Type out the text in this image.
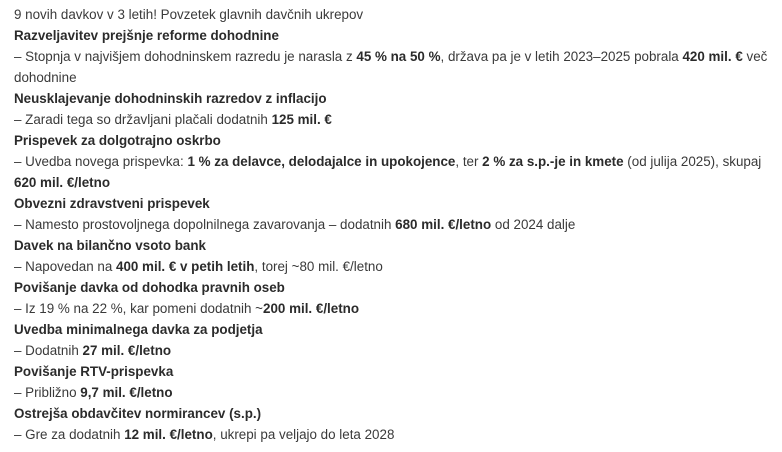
9 novih davkov v 3 letih! Povzetek glavnih davčnih ukrepov
Razveljavitev prejšnje reforme dohodnine
– Stopnja v najvišjem dohodninskem razredu je narasla z 45 % na 50 %, država pa je v letih 2023–2025 pobrala 420 mil. € več dohodnine
Neusklajevanje dohodninskih razredov z inflacijo
– Zaradi tega so državljani plačali dodatnih 125 mil. €
Prispevek za dolgotrajno oskrbo
– Uvedba novega prispevka: 1 % za delavce, delodajalce in upokojence, ter 2 % za s.p.-je in kmete (od julija 2025), skupaj 620 mil. €/letno
Obvezni zdravstveni prispevek
– Namesto prostovoljnega dopolnilnega zavarovanja – dodatnih 680 mil. €/letno od 2024 dalje
Davek na bilančno vsoto bank
– Napovedan na 400 mil. € v petih letih, torej ~80 mil. €/letno
Povišanje davka od dohodka pravnih oseb
– Iz 19 % na 22 %, kar pomeni dodatnih ~200 mil. €/letno
Uvedba minimalnega davka za podjetja
– Dodatnih 27 mil. €/letno
Povišanje RTV-prispevka
– Približno 9,7 mil. €/letno
Ostrejša obdavčitev normirancev (s.p.)
– Gre za dodatnih 12 mil. €/letno, ukrepi pa veljajo do leta 2028
